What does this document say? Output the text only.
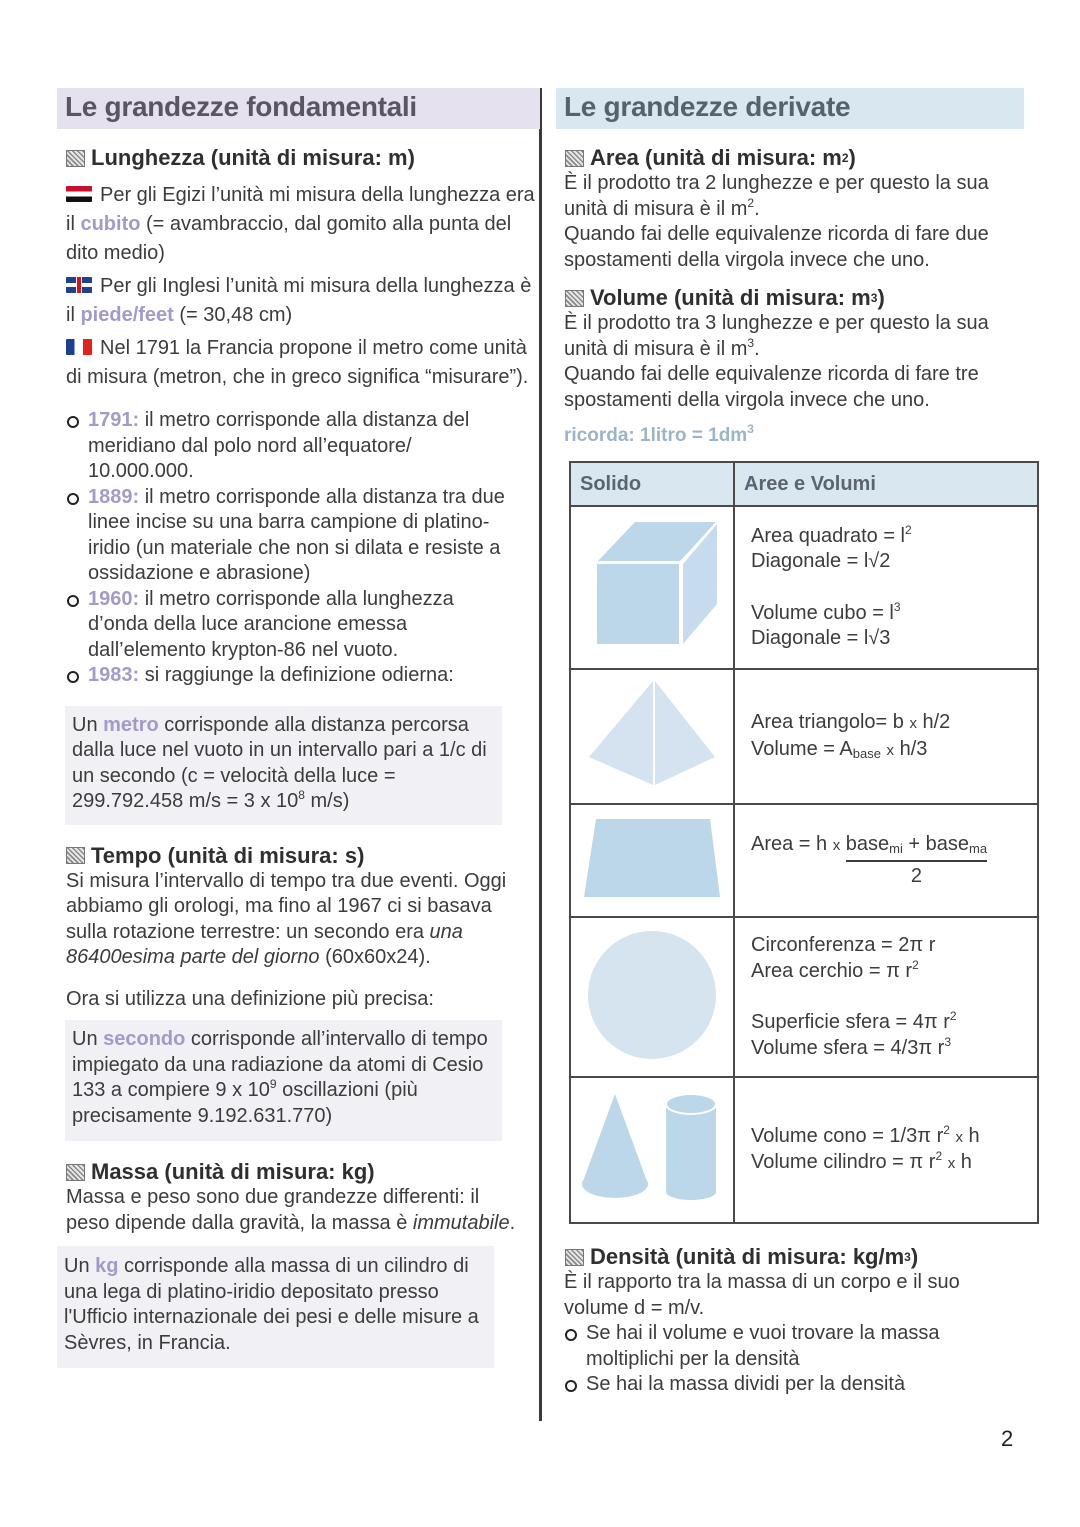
Le grandezze fondamentali
Lunghezza (unità di misura: m)
Per gli Egizi l’unità mi misura della lunghezza era il cubito (= avambraccio, dal gomito alla punta del dito medio)
Per gli Inglesi l’unità mi misura della lunghezza è il piede/feet (= 30,48 cm)
Nel 1791 la Francia propone il metro come unità di misura (metron, che in greco significa “misurare”).
1791: il metro corrisponde alla distanza del meridiano dal polo nord all’equatore/ 10.000.000.
1889: il metro corrisponde alla distanza tra due linee incise su una barra campione di platino-iridio (un materiale che non si dilata e resiste a ossidazione e abrasione)
1960: il metro corrisponde alla lunghezza d’onda della luce arancione emessa dall’elemento krypton-86 nel vuoto.
1983: si raggiunge la definizione odierna:
Un metro corrisponde alla distanza percorsa dalla luce nel vuoto in un intervallo pari a 1/c di un secondo (c = velocità della luce = 299.792.458 m/s = 3 x $10^8$ m/s)
Tempo (unità di misura: s)
Si misura l’intervallo di tempo tra due eventi. Oggi abbiamo gli orologi, ma fino al 1967 ci si basava sulla rotazione terrestre: un secondo era una 86400esima parte del giorno (60x60x24).
Ora si utilizza una definizione più precisa:
Un secondo corrisponde all’intervallo di tempo impiegato da una radiazione da atomi di Cesio 133 a compiere 9 x $10^9$ oscillazioni (più precisamente 9.192.631.770)
Massa (unità di misura: kg)
Massa e peso sono due grandezze differenti: il peso dipende dalla gravità, la massa è immutabile.
Un kg corrisponde alla massa di un cilindro di una lega di platino-iridio depositato presso l'Ufficio internazionale dei pesi e delle misure a Sèvres, in Francia.
Le grandezze derivate
Area (unità di misura: m 2 )
È il prodotto tra 2 lunghezze e per questo la sua unità di misura è il $m^2$.
Quando fai delle equivalenze ricorda di fare due spostamenti della virgola invece che uno.
Volume (unità di misura: m 3 )
È il prodotto tra 3 lunghezze e per questo la sua unità di misura è il $m^3$.
Quando fai delle equivalenze ricorda di fare tre spostamenti della virgola invece che uno.
ricorda: 1litro = $1dm^3$
Solido	Aree e Volumi

Area quadrato = $l^2$
Diagonale = l√2
Volume cubo = $l^3$
Diagonale = l√3

Area triangolo= b x h/2
Volume = $A_{base}$ x h/3

	Area = h x $\frac{base_{mi} + base_{ma}}{2}$

Circonferenza = 2π r
Area cerchio = π $r^2$
Superficie sfera = 4π $r^2$
Volume sfera = 4/3π $r^3$

Volume cono = 1/3π $r^2$ x h
Volume cilindro = π $r^2$ x h
Densità (unità di misura: kg/m 3 )
È il rapporto tra la massa di un corpo e il suo volume d = m/v.
Se hai il volume e vuoi trovare la massa moltiplichi per la densità
Se hai la massa dividi per la densità
2
